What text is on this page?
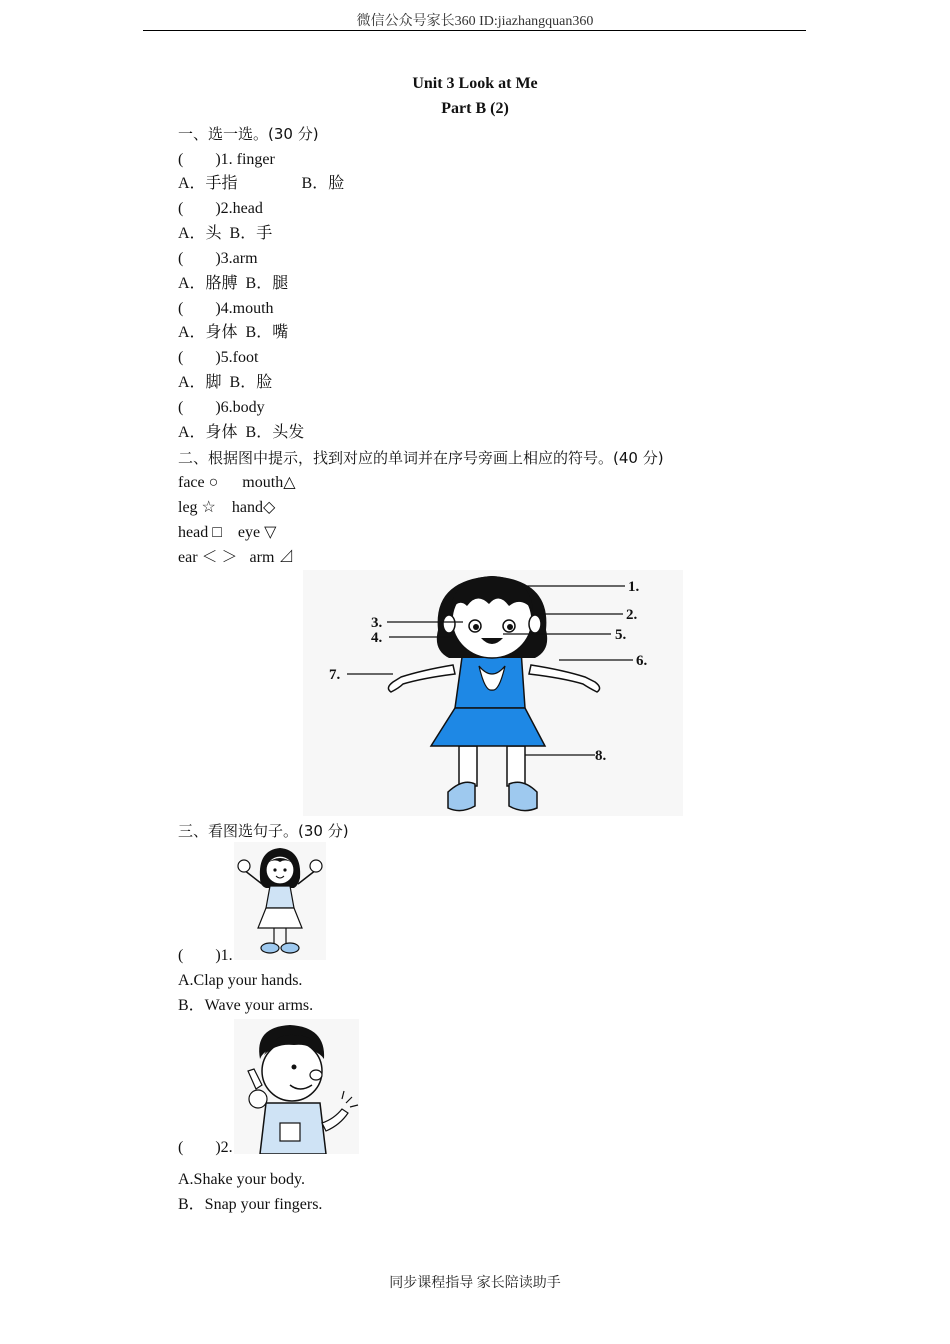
微信公众号家长360 ID:jiazhangquan360
Unit 3 Look at Me
Part B (2)
一、选一选。(30 分)
(        )1. finger
A．手指                B．脸
(        )2.head
A．头  B．手
(        )3.arm
A．胳膊  B．腿
(        )4.mouth
A．身体  B．嘴
(        )5.foot
A．脚  B．脸
(        )6.body
A．身体  B．头发
二、根据图中提示，找到对应的单词并在序号旁画上相应的符号。(40 分)
face ○      mouth△
leg ☆    hand◇
head □    eye ▽
ear ＜ ＞   arm ⊿
1.
2.
3.
4.	5.
6.
7.
8.
三、看图选句子。(30 分)
(        )1.
A.Clap your hands.
B．Wave your arms.
(        )2.
A.Shake your body.
B．Snap your fingers.
同步课程指导 家长陪读助手
